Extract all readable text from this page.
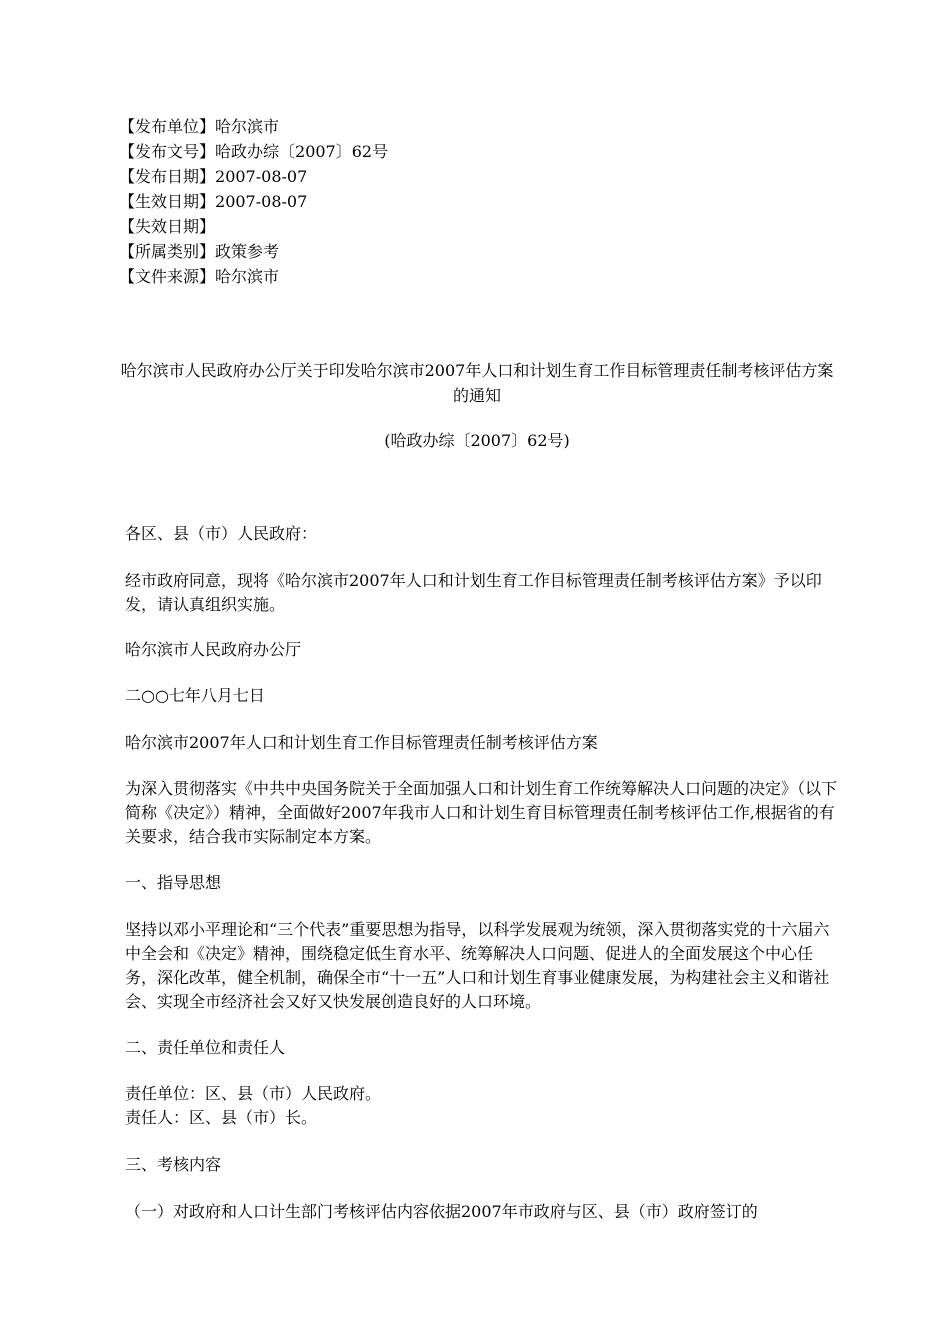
【发布单位】哈尔滨市
【发布文号】哈政办综〔2007〕62号
【发布日期】2007-08-07
【生效日期】2007-08-07
【失效日期】
【所属类别】政策参考
【文件来源】哈尔滨市
哈尔滨市人民政府办公厅关于印发哈尔滨市2007年人口和计划生育工作目标管理责任制考核评估方案的通知
(哈政办综〔2007〕62号)

各区、县（市）人民政府：

经市政府同意，现将《哈尔滨市2007年人口和计划生育工作目标管理责任制考核评估方案》予以印发，请认真组织实施。

哈尔滨市人民政府办公厅

二○○七年八月七日

哈尔滨市2007年人口和计划生育工作目标管理责任制考核评估方案

为深入贯彻落实《中共中央国务院关于全面加强人口和计划生育工作统筹解决人口问题的决定》（以下简称《决定》）精神，全面做好2007年我市人口和计划生育目标管理责任制考核评估工作,根据省的有关要求，结合我市实际制定本方案。

一、指导思想

坚持以邓小平理论和“三个代表”重要思想为指导，以科学发展观为统领，深入贯彻落实党的十六届六中全会和《决定》精神，围绕稳定低生育水平、统筹解决人口问题、促进人的全面发展这个中心任务，深化改革，健全机制，确保全市“十一五”人口和计划生育事业健康发展，为构建社会主义和谐社会、实现全市经济社会又好又快发展创造良好的人口环境。

二、责任单位和责任人

责任单位：区、县（市）人民政府。

责任人：区、县（市）长。

三、考核内容

（一）对政府和人口计生部门考核评估内容依据2007年市政府与区、县（市）政府签订的
